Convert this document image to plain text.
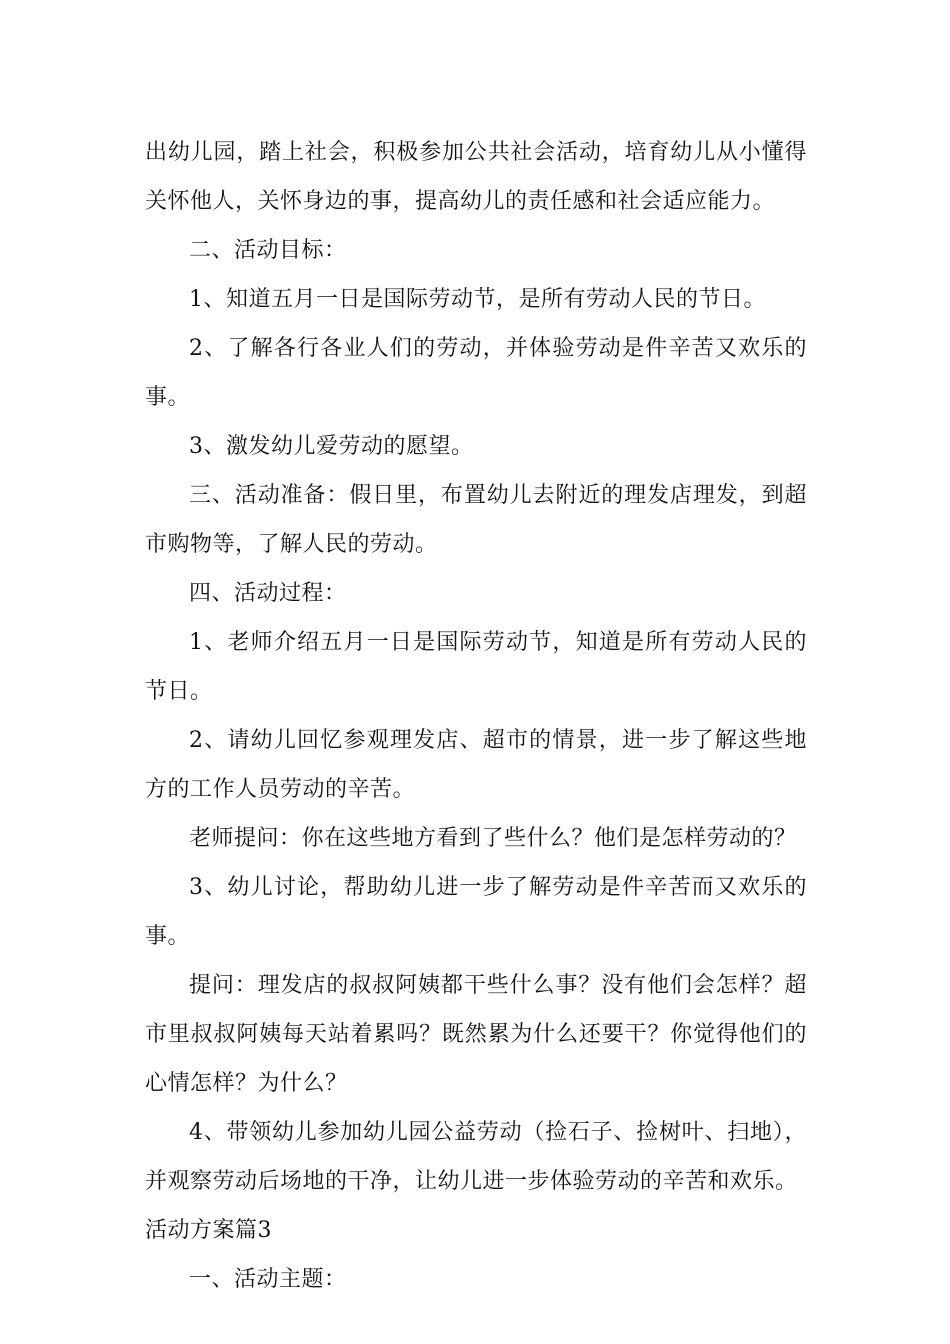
出幼儿园，踏上社会，积极参加公共社会活动，培育幼儿从小懂得关怀他人，关怀身边的事，提高幼儿的责任感和社会适应能力。

二、活动目标：

1、知道五月一日是国际劳动节，是所有劳动人民的节日。

2、了解各行各业人们的劳动，并体验劳动是件辛苦又欢乐的事。

3、激发幼儿爱劳动的愿望。

三、活动准备：假日里，布置幼儿去附近的理发店理发，到超市购物等，了解人民的劳动。

四、活动过程：

1、老师介绍五月一日是国际劳动节，知道是所有劳动人民的节日。

2、请幼儿回忆参观理发店、超市的情景，进一步了解这些地方的工作人员劳动的辛苦。

老师提问：你在这些地方看到了些什么？他们是怎样劳动的？

3、幼儿讨论，帮助幼儿进一步了解劳动是件辛苦而又欢乐的事。

提问：理发店的叔叔阿姨都干些什么事？没有他们会怎样？超市里叔叔阿姨每天站着累吗？既然累为什么还要干？你觉得他们的心情怎样？为什么？

4、带领幼儿参加幼儿园公益劳动（捡石子、捡树叶、扫地），并观察劳动后场地的干净，让幼儿进一步体验劳动的辛苦和欢乐。

活动方案篇3

一、活动主题：
